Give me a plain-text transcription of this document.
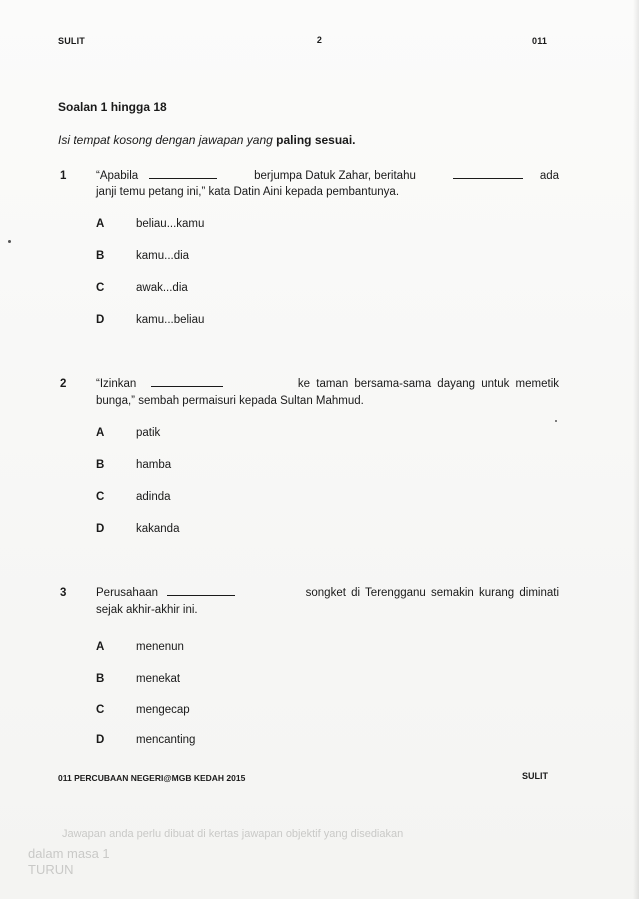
Jawapan anda perlu dibuat di kertas jawapan objektif yang disediakan
dalam masa 1
TURUN
SULIT	2	011
Soalan 1 hingga 18
Isi tempat kosong dengan jawapan yang paling sesuai.
1	“Apabila	berjumpa Datuk Zahar, beritahu	ada
janji temu petang ini,” kata Datin Aini kepada pembantunya.
A	beliau...kamu
B	kamu...dia
C	awak...dia
D	kamu...beliau
2	“Izinkan	ke taman bersama-sama dayang untuk memetik
bunga,” sembah permaisuri kepada Sultan Mahmud.
A	patik
B	hamba
C	adinda
D	kakanda
3	Perusahaan	songket di Terengganu semakin kurang diminati
sejak akhir-akhir ini.
A	menenun
B	menekat
C	mengecap
D	mencanting
011 PERCUBAAN NEGERI@MGB KEDAH 2015	SULIT
